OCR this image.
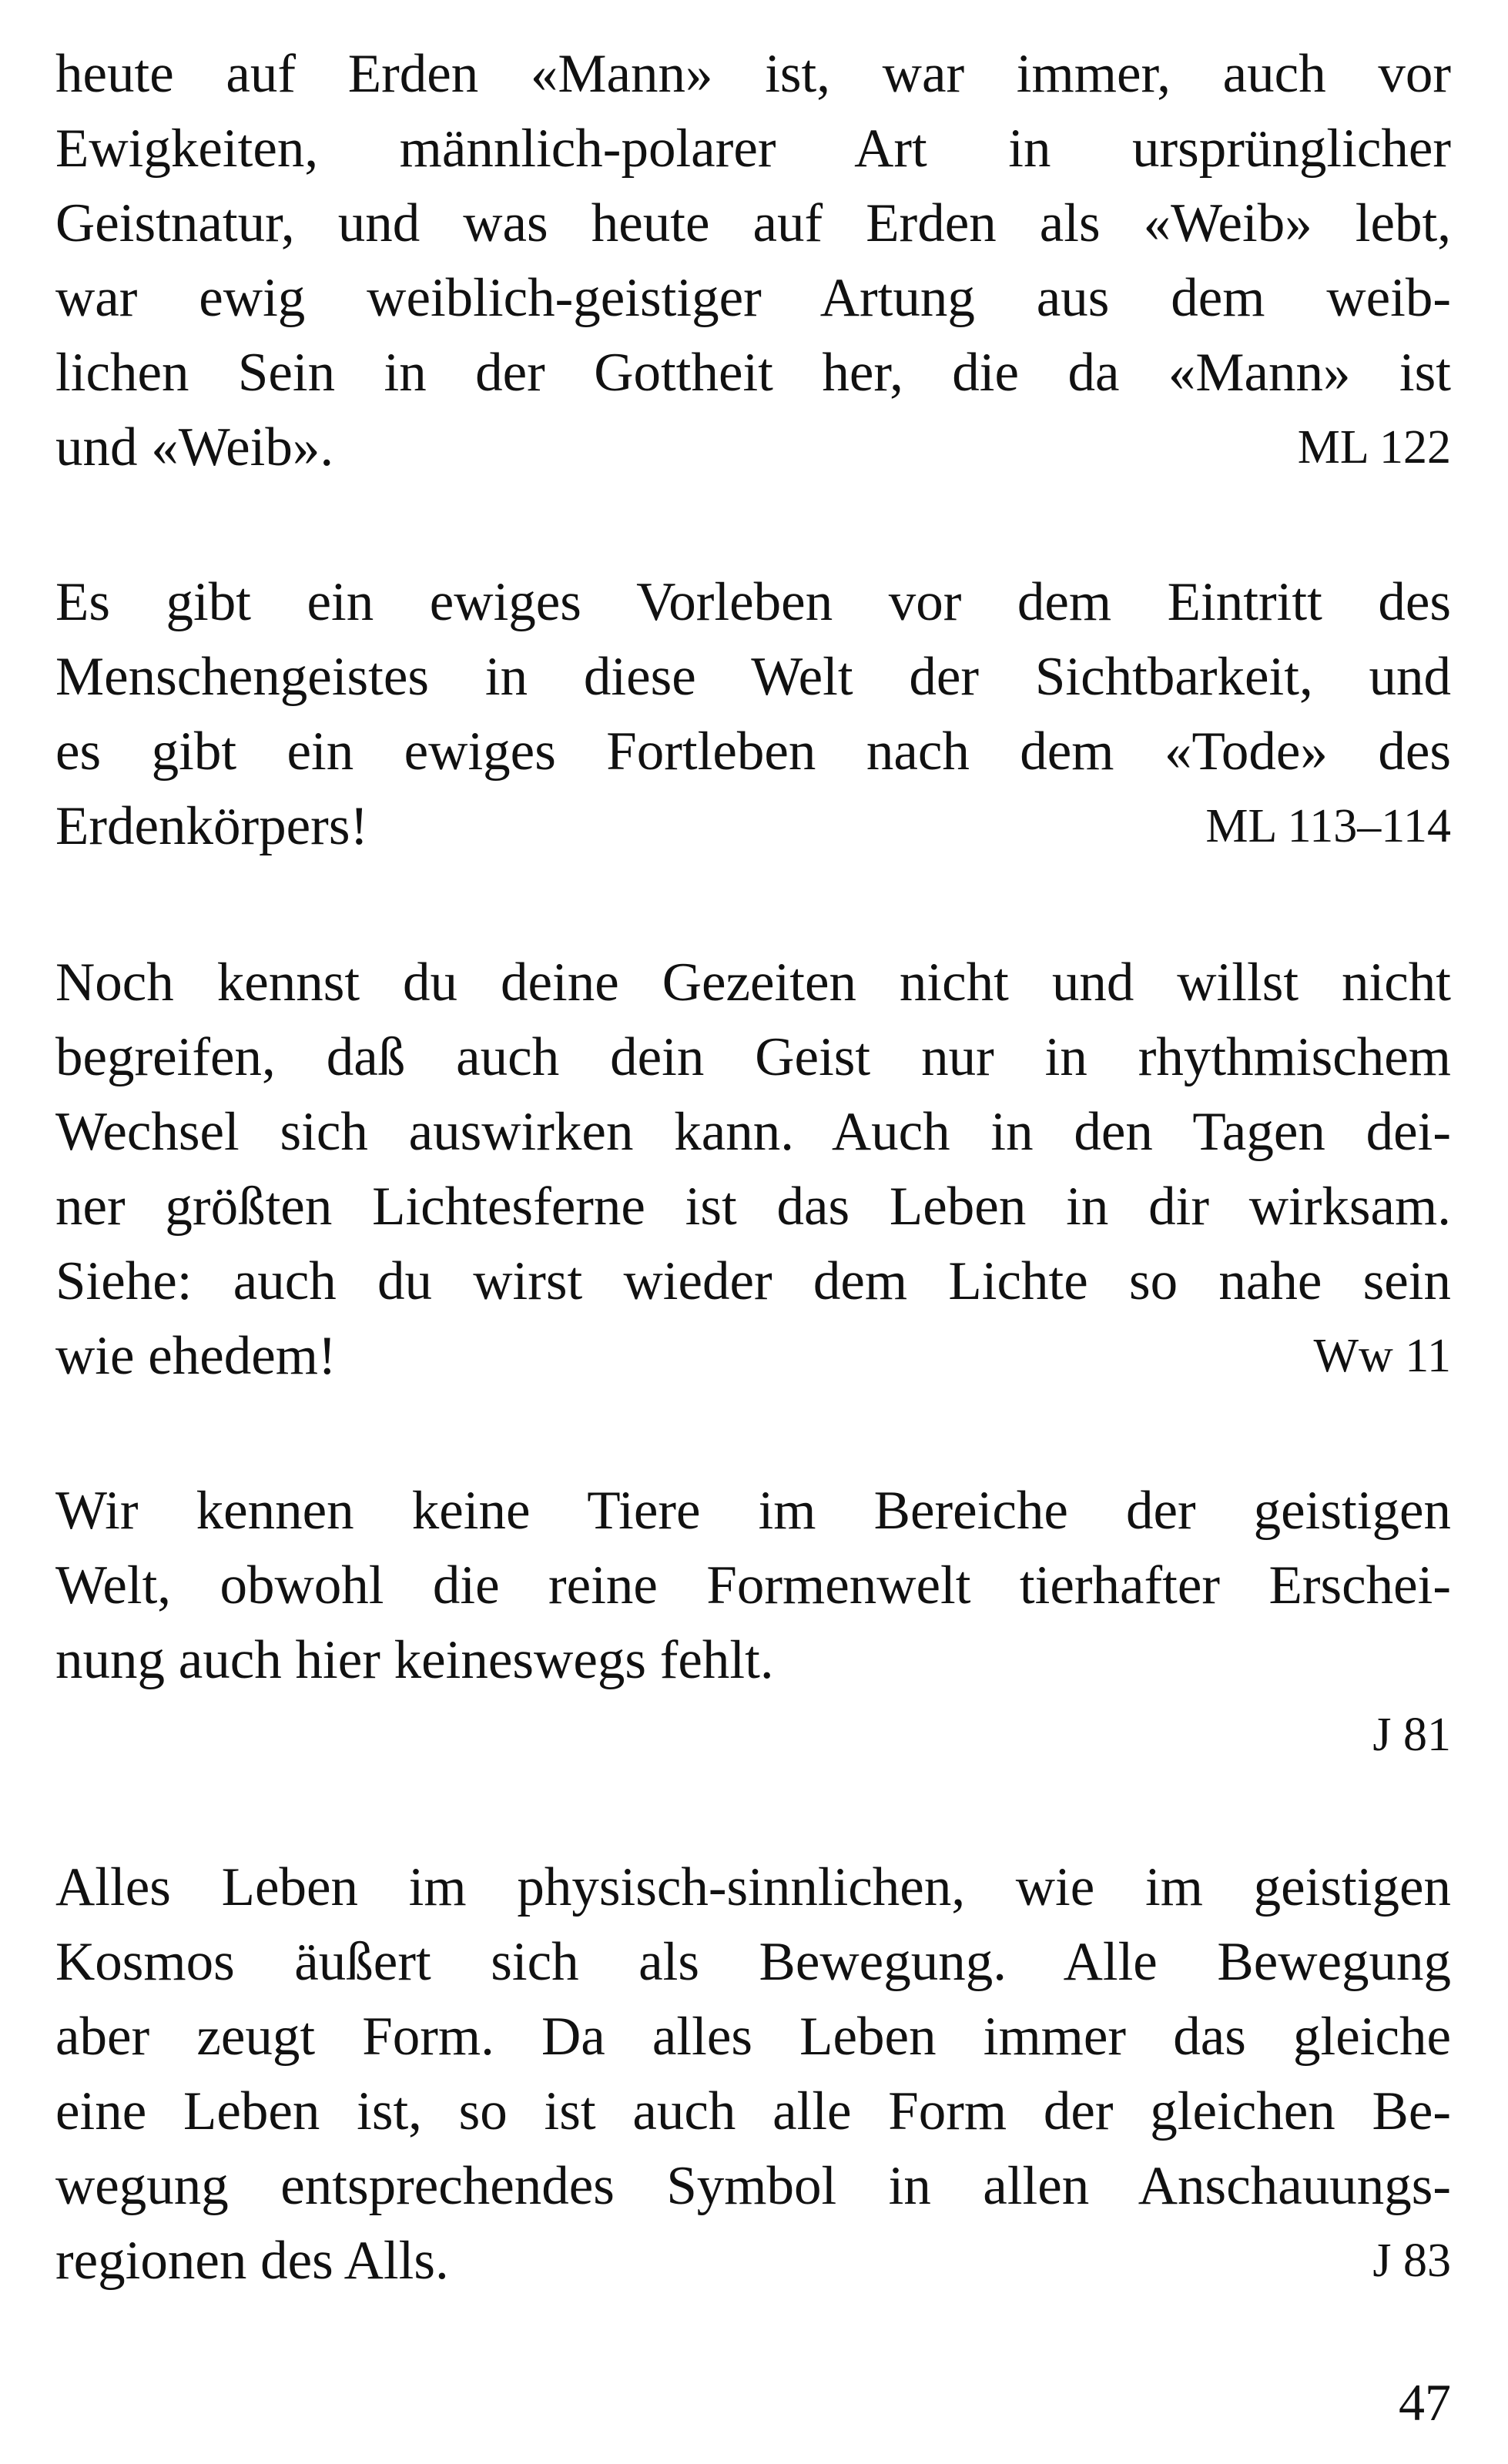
heute auf Erden «Mann» ist, war immer, auch vor
Ewigkeiten, männlich-polarer Art in ursprünglicher
Geistnatur, und was heute auf Erden als «Weib» lebt,
war ewig weiblich-geistiger Artung aus dem weib-
lichen Sein in der Gottheit her, die da «Mann» ist
und «Weib».	ML 122
Es gibt ein ewiges Vorleben vor dem Eintritt des
Menschengeistes in diese Welt der Sichtbarkeit, und
es gibt ein ewiges Fortleben nach dem «Tode» des
Erdenkörpers!	ML 113–114
Noch kennst du deine Gezeiten nicht und willst nicht
begreifen, daß auch dein Geist nur in rhythmischem
Wechsel sich auswirken kann. Auch in den Tagen dei-
ner größten Lichtesferne ist das Leben in dir wirksam.
Siehe: auch du wirst wieder dem Lichte so nahe sein
wie ehedem!	Ww 11
Wir kennen keine Tiere im Bereiche der geistigen
Welt, obwohl die reine Formenwelt tierhafter Erschei-
nung auch hier keineswegs fehlt.
J 81
Alles Leben im physisch-sinnlichen, wie im geistigen
Kosmos äußert sich als Bewegung. Alle Bewegung
aber zeugt Form. Da alles Leben immer das gleiche
eine Leben ist, so ist auch alle Form der gleichen Be-
wegung entsprechendes Symbol in allen Anschauungs-
regionen des Alls.	J 83
47
